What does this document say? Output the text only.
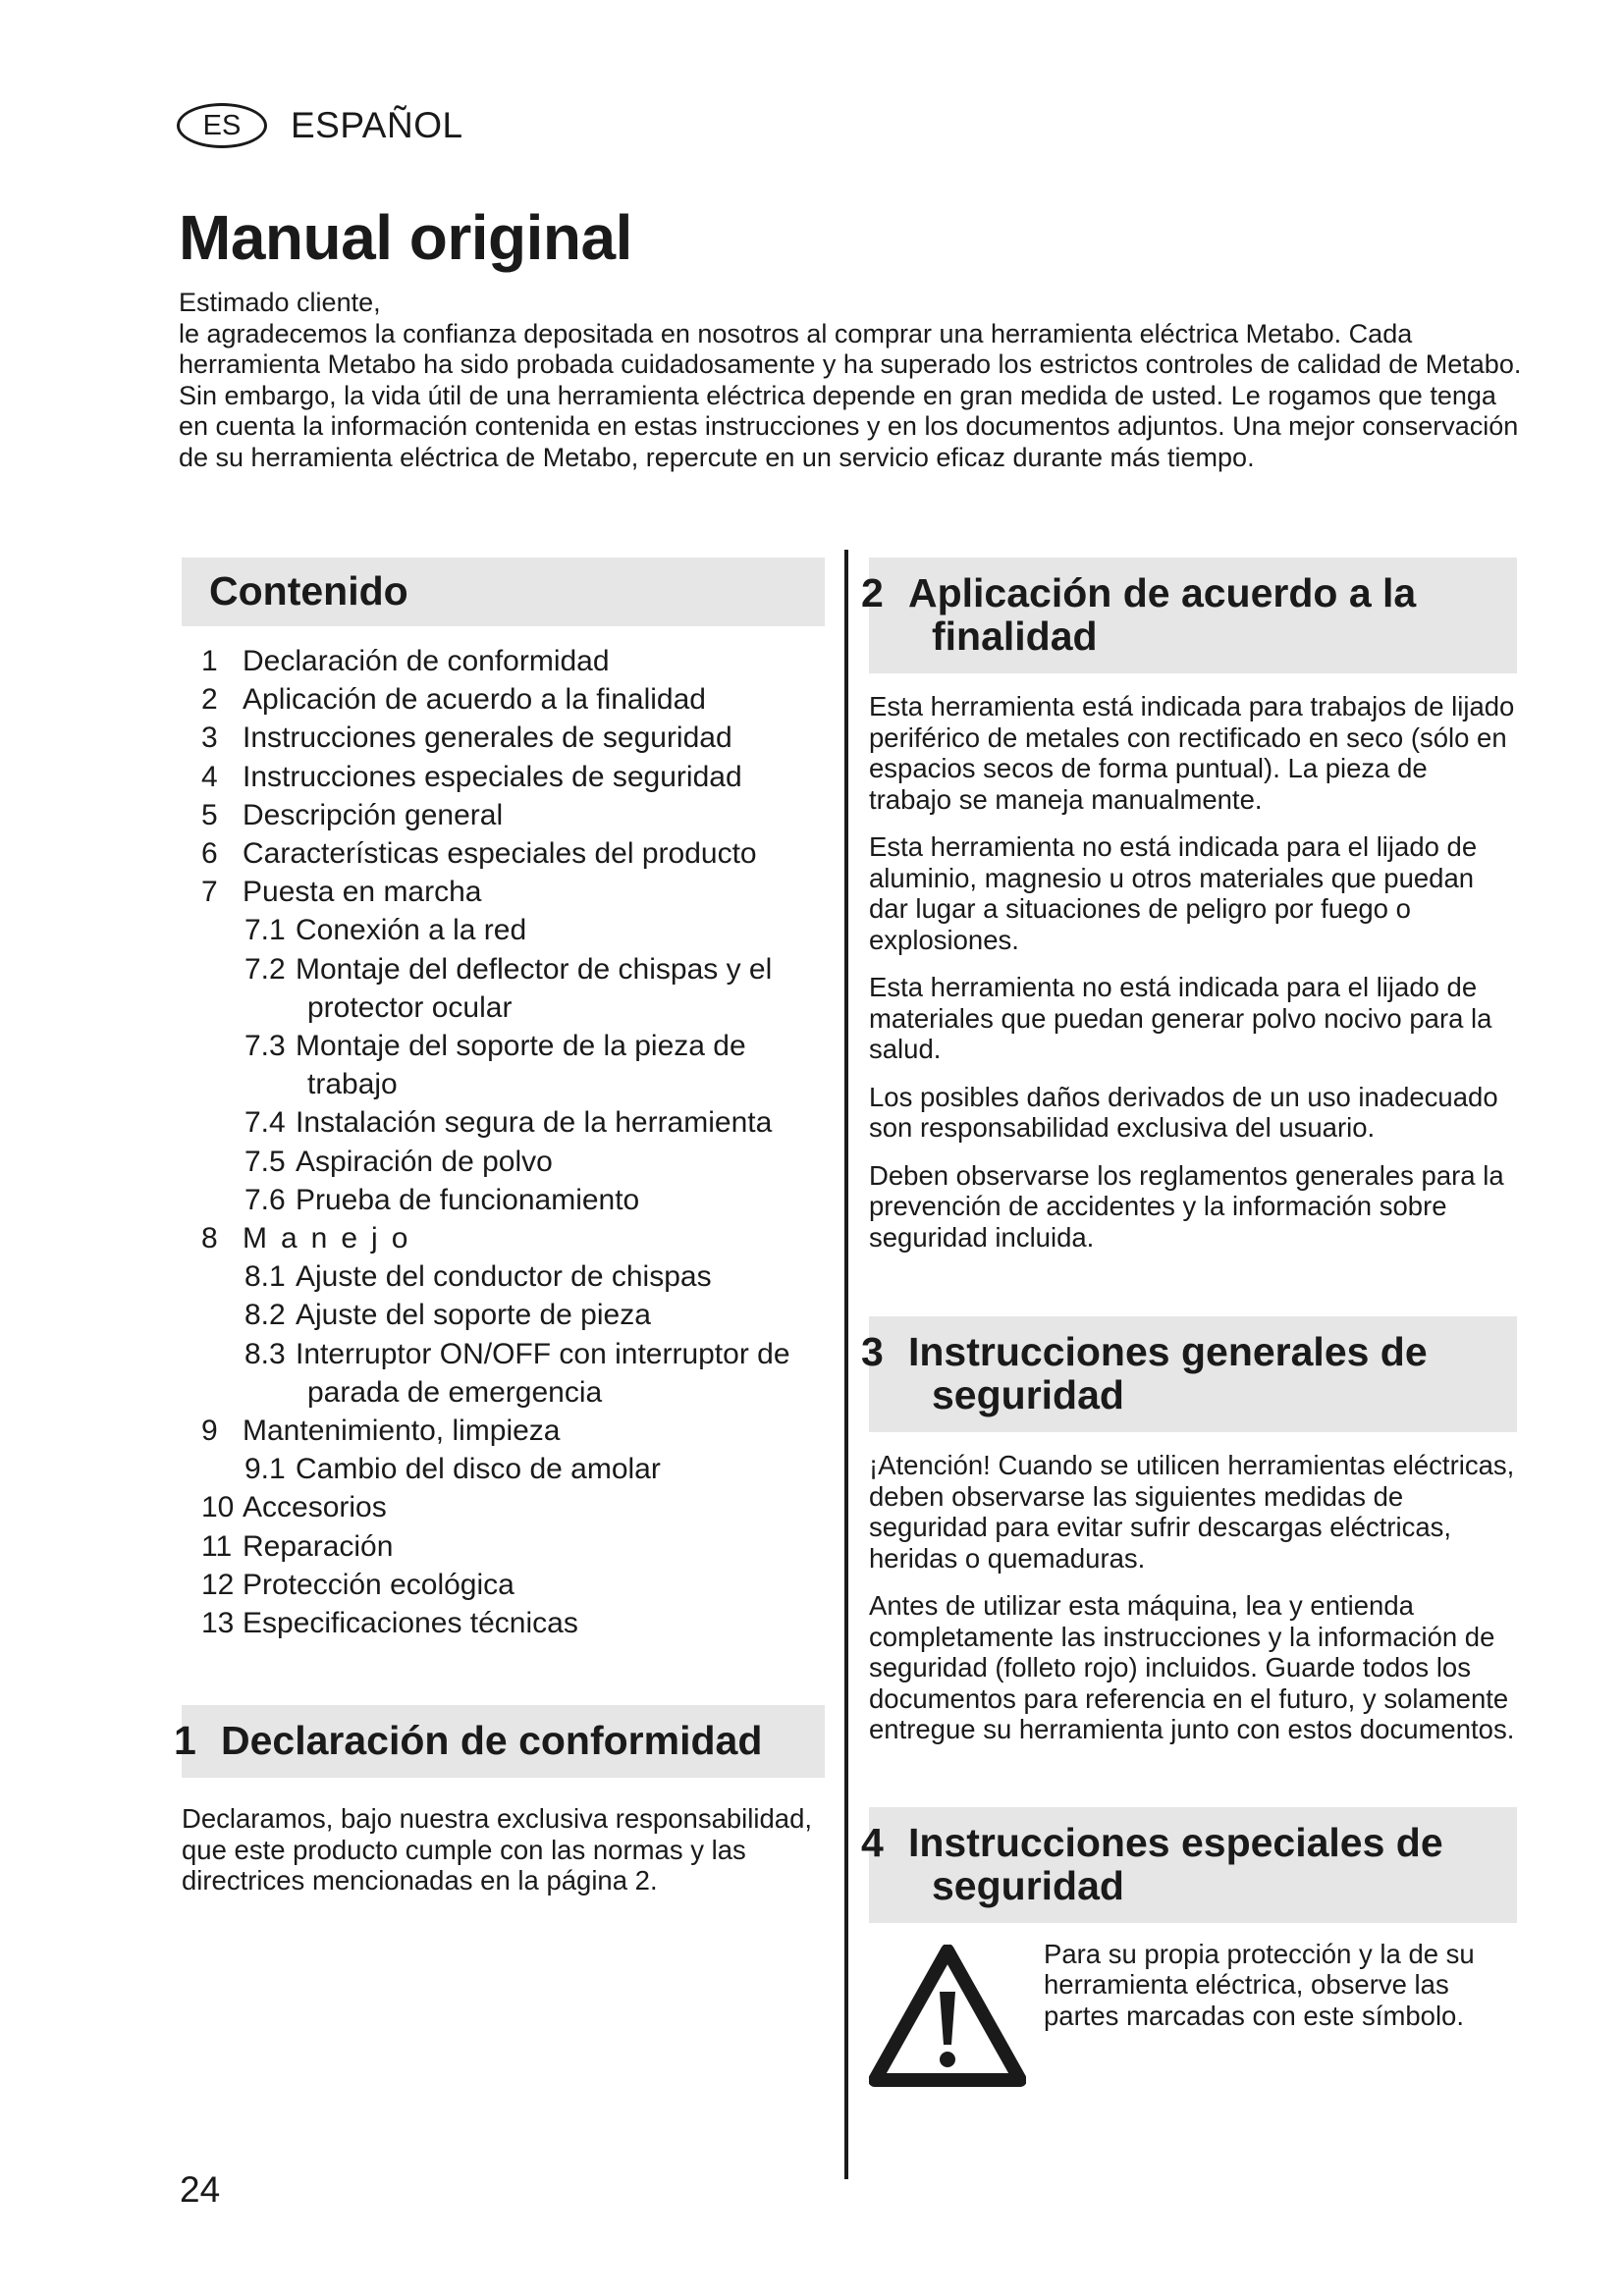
ES	ESPAÑOL
Manual original

Estimado cliente,

le agradecemos la confianza depositada en nosotros al comprar una herramienta eléctrica Metabo. Cada herramienta Metabo ha sido probada cuidadosamente y ha superado los estrictos controles de calidad de Metabo. Sin embargo, la vida útil de una herramienta eléctrica depende en gran medida de usted. Le rogamos que tenga en cuenta la información contenida en estas instrucciones y en los documentos adjuntos. Una mejor conservación de su herramienta eléctrica de Metabo, repercute en un servicio eficaz durante más tiempo.

Contenido
1 Declaración de conformidad
2 Aplicación de acuerdo a la finalidad
3 Instrucciones generales de seguridad
4 Instrucciones especiales de seguridad
5 Descripción general
6 Características especiales del producto
7 Puesta en marcha
7.1 Conexión a la red
7.2 Montaje del deflector de chispas y el protector ocular
7.3 Montaje del soporte de la pieza de trabajo
7.4 Instalación segura de la herramienta
7.5 Aspiración de polvo
7.6 Prueba de funcionamiento
8 Manejo
8.1 Ajuste del conductor de chispas
8.2 Ajuste del soporte de pieza
8.3 Interruptor ON/OFF con interruptor de parada de emergencia
9 Mantenimiento, limpieza
9.1 Cambio del disco de amolar
10 Accesorios
11 Reparación
12 Protección ecológica
13 Especificaciones técnicas
1 Declaración de conformidad

Declaramos, bajo nuestra exclusiva responsabilidad, que este producto cumple con las normas y las directrices mencionadas en la página 2.

2 Aplicación de acuerdo a la finalidad

Esta herramienta está indicada para trabajos de lijado periférico de metales con rectificado en seco (sólo en espacios secos de forma puntual). La pieza de trabajo se maneja manualmente.

Esta herramienta no está indicada para el lijado de aluminio, magnesio u otros materiales que puedan dar lugar a situaciones de peligro por fuego o explosiones.

Esta herramienta no está indicada para el lijado de materiales que puedan generar polvo nocivo para la salud.

Los posibles daños derivados de un uso inadecuado son responsabilidad exclusiva del usuario.

Deben observarse los reglamentos generales para la prevención de accidentes y la información sobre seguridad incluida.

3 Instrucciones generales de seguridad

¡Atención! Cuando se utilicen herramientas eléctricas, deben observarse las siguientes medidas de seguridad para evitar sufrir descargas eléctricas, heridas o quemaduras.

Antes de utilizar esta máquina, lea y entienda completamente las instrucciones y la información de seguridad (folleto rojo) incluidos. Guarde todos los documentos para referencia en el futuro, y solamente entregue su herramienta junto con estos documentos.

4 Instrucciones especiales de seguridad
Para su propia protección y la de su herramienta eléctrica, observe las partes marcadas con este símbolo.
24
